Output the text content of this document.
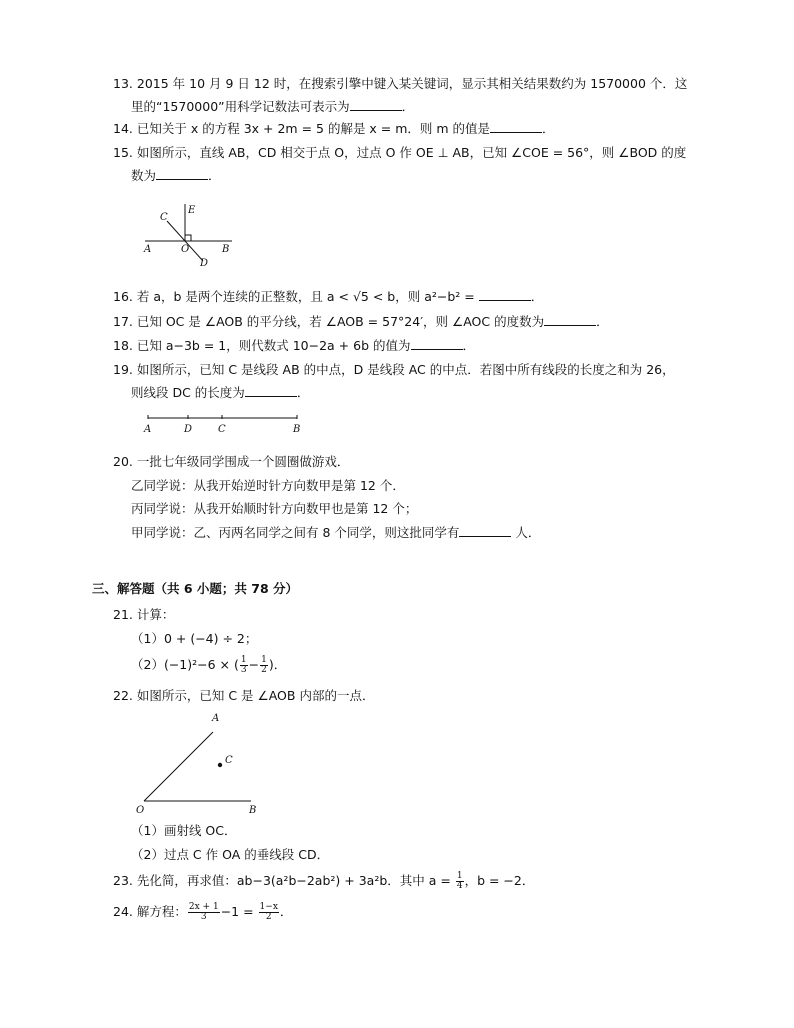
13. 2015 年 10 月 9 日 12 时，在搜索引擎中键入某关键词，显示其相关结果数约为 1570000 个．这
里的“1570000”用科学记数法可表示为	．
14. 已知关于 x 的方程 3x + 2m = 5 的解是 x = m．则 m 的值是	．
15. 如图所示，直线 AB，CD 相交于点 O，过点 O 作 OE ⊥ AB，已知 ∠COE = 56°，则 ∠BOD 的度
数为	．
C
E
A	O	B
D
16. 若 a，b 是两个连续的正整数，且 a < √5 < b，则 a²−b² =	．
17. 已知 OC 是 ∠AOB 的平分线，若 ∠AOB = 57°24′，则 ∠AOC 的度数为	．
18. 已知 a−3b = 1，则代数式 10−2a + 6b 的值为	．
19. 如图所示，已知 C 是线段 AB 的中点，D 是线段 AC 的中点．若图中所有线段的长度之和为 26，
则线段 DC 的长度为	．
A	D	C	B
20. 一批七年级同学围成一个圆圈做游戏．
乙同学说：从我开始逆时针方向数甲是第 12 个．
丙同学说：从我开始顺时针方向数甲也是第 12 个；
甲同学说：乙、丙两名同学之间有 8 个同学，则这批同学有	人．
三、解答题（共 6 小题；共 78 分）
21. 计算：
（1）0 + (−4) ÷ 2；
（2）(−1)²−6 × ( $\frac{1}{3} - \frac{1}{2}$ )．
22. 如图所示，已知 C 是 ∠AOB 内部的一点．
A
C
O	B
（1）画射线 OC．
（2）过点 C 作 OA 的垂线段 CD．
23. 先化简，再求值：ab−3(a²b−2ab²) + 3a²b．其中 $a = \frac{1}{4}$ ，b = −2．
24. 解方程： $\frac{2x + 1}{3} -1 = \frac{1-x}{2}$ ．
